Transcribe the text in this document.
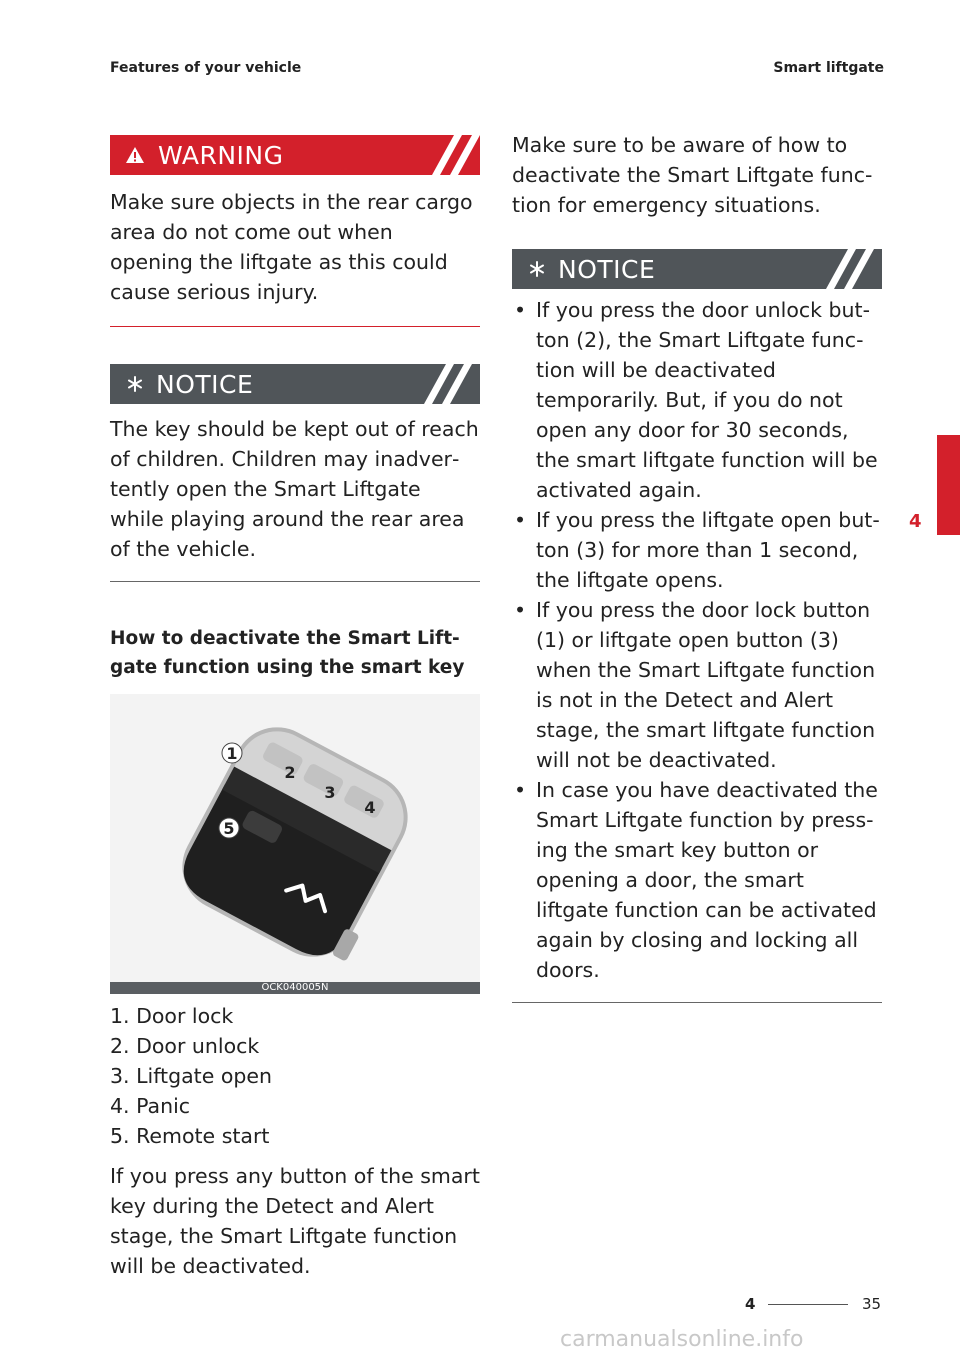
Features of your vehicle	Smart liftgate
WARNING

Make sure objects in the rear cargo area do not come out when opening the liftgate as this could cause serious injury.

NOTICE

The key should be kept out of reach of children. Children may inadvertently open the Smart Liftgate while playing around the rear area of the vehicle.

How to deactivate the Smart Liftgate function using the smart key
1
2
3
4
5
OCK040005N
1. Door lock
2. Door unlock
3. Liftgate open
4. Panic
5. Remote start

If you press any button of the smart key during the Detect and Alert stage, the Smart Liftgate function will be deactivated.

Make sure to be aware of how to deactivate the Smart Liftgate function for emergency situations.

NOTICE
• If you press the door unlock button (2), the Smart Liftgate function will be deactivated temporarily. But, if you do not open any door for 30 seconds, the smart liftgate function will be activated again.
• If you press the liftgate open button (3) for more than 1 second, the liftgate opens.
• If you press the door lock button (1) or liftgate open button (3) when the Smart Liftgate function is not in the Detect and Alert stage, the smart liftgate function will not be deactivated.
• In case you have deactivated the Smart Liftgate function by pressing the smart key button or opening a door, the smart liftgate function can be activated again by closing and locking all doors.
4
4	35
carmanualsonline.info
